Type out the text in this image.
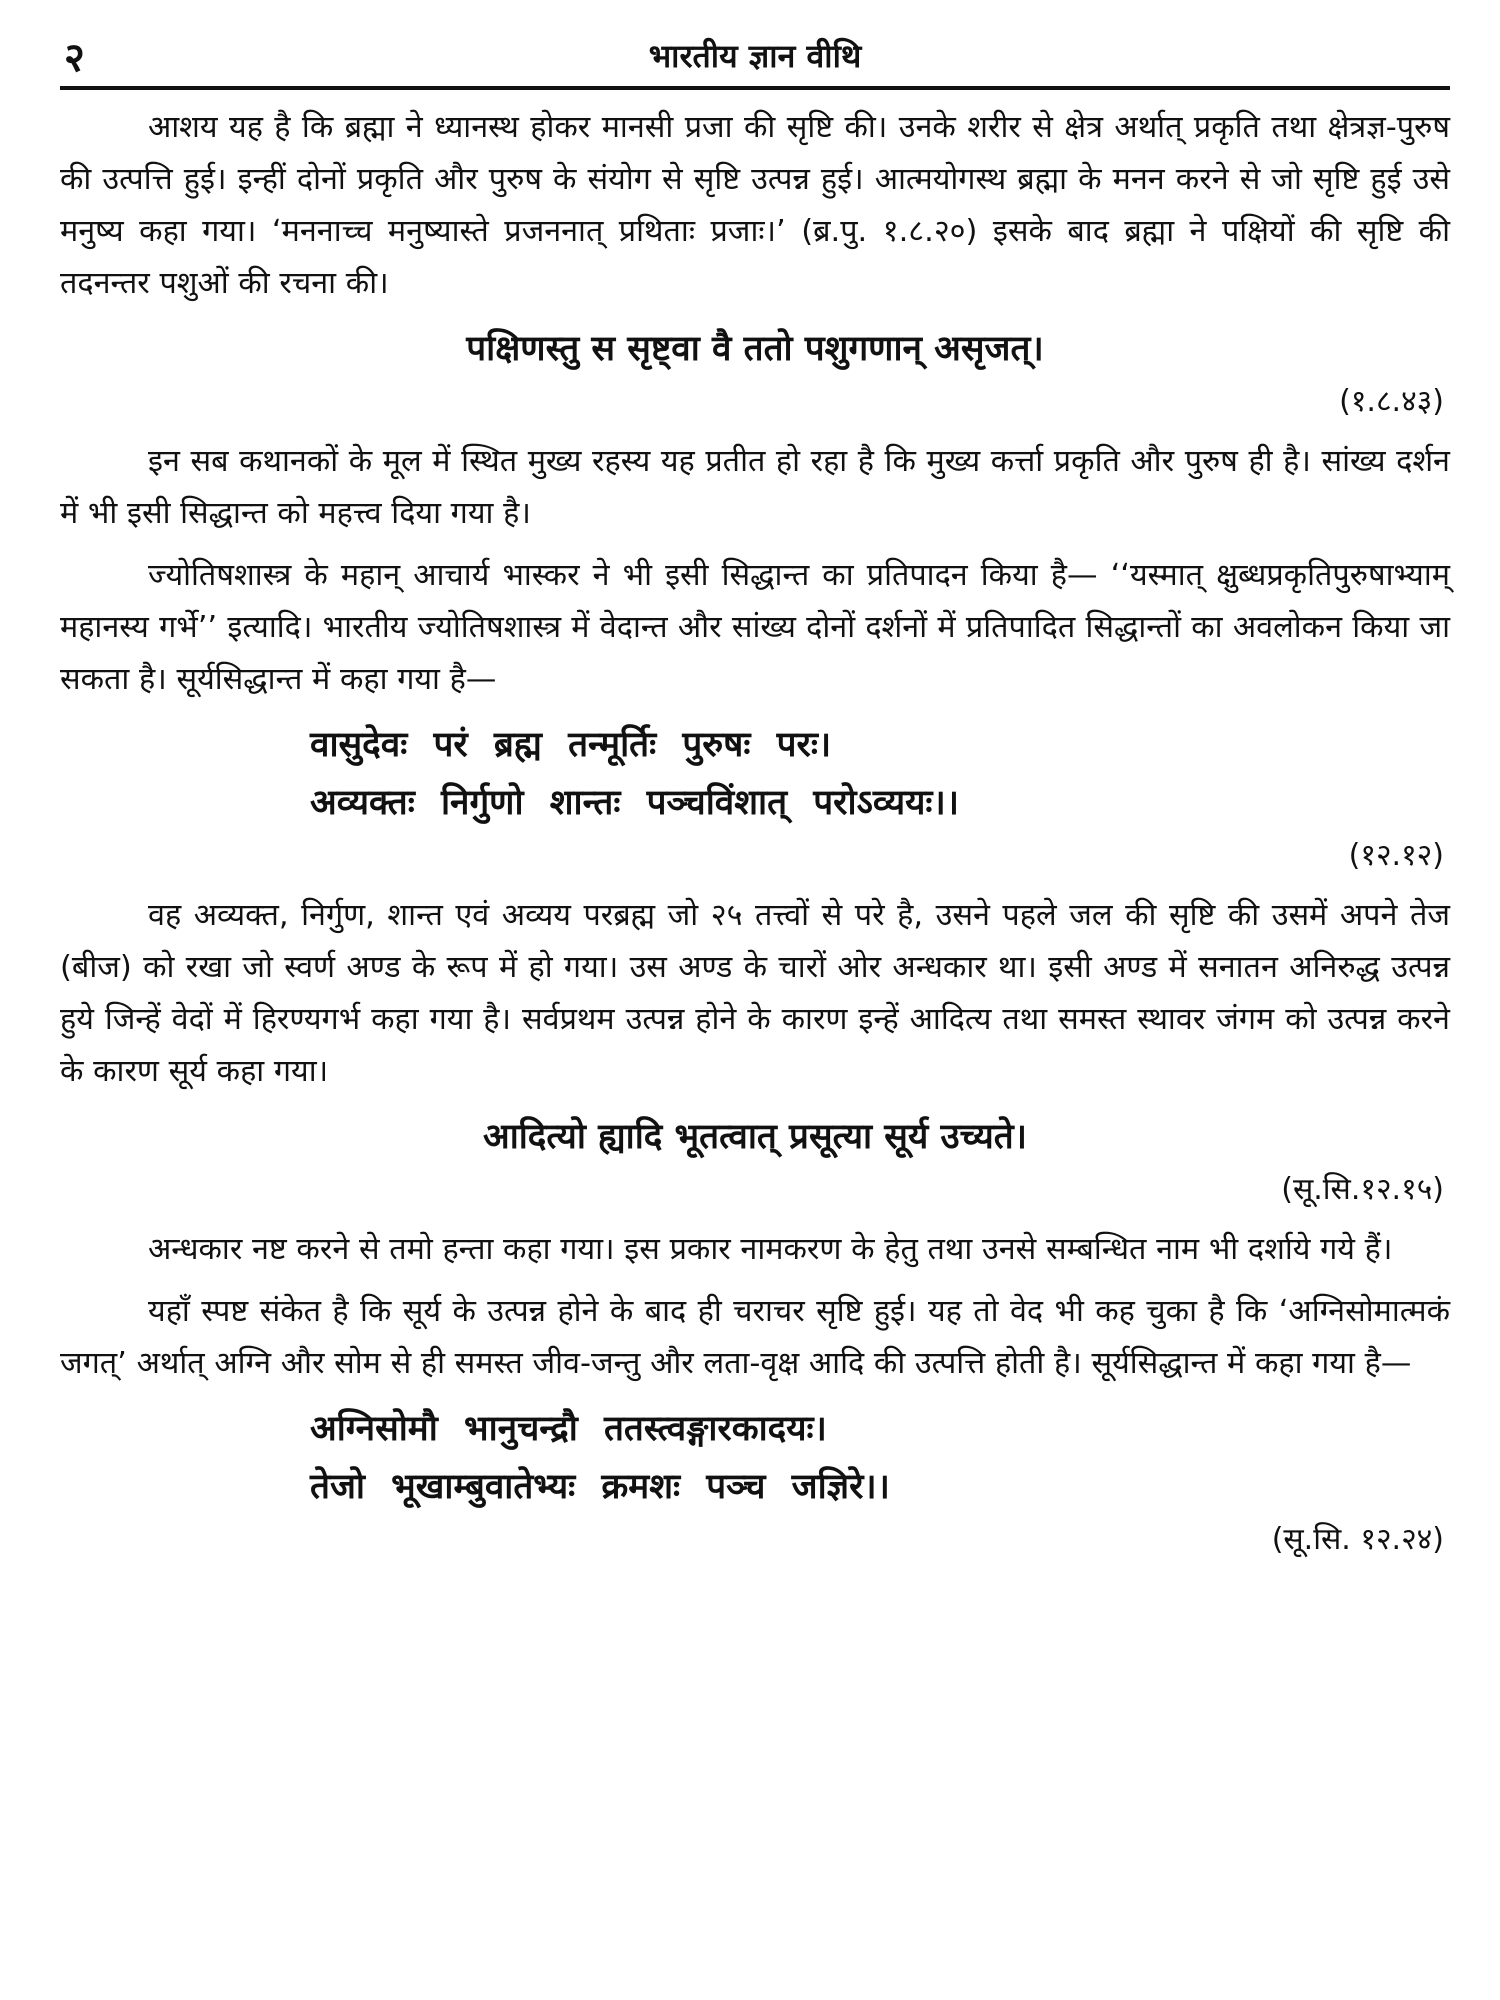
२	भारतीय ज्ञान वीथि

आशय यह है कि ब्रह्मा ने ध्यानस्थ होकर मानसी प्रजा की सृष्टि की। उनके शरीर से क्षेत्र अर्थात् प्रकृति तथा क्षेत्रज्ञ-पुरुष की उत्पत्ति हुई। इन्हीं दोनों प्रकृति और पुरुष के संयोग से सृष्टि उत्पन्न हुई। आत्मयोगस्थ ब्रह्मा के मनन करने से जो सृष्टि हुई उसे मनुष्य कहा गया। ‘मननाच्च मनुष्यास्ते प्रजननात् प्रथिताः प्रजाः।’ (ब्र.पु. १.८.२०) इसके बाद ब्रह्मा ने पक्षियों की सृष्टि की तदनन्तर पशुओं की रचना की।

पक्षिणस्तु स सृष्ट्वा वै ततो पशुगणान् असृजत्।
(१.८.४३)

इन सब कथानकों के मूल में स्थित मुख्य रहस्य यह प्रतीत हो रहा है कि मुख्य कर्त्ता प्रकृति और पुरुष ही है। सांख्य दर्शन में भी इसी सिद्धान्त को महत्त्व दिया गया है।

ज्योतिषशास्त्र के महान् आचार्य भास्कर ने भी इसी सिद्धान्त का प्रतिपादन किया है— ‘‘यस्मात् क्षुब्धप्रकृतिपुरुषाभ्याम् महानस्य गर्भे’’ इत्यादि। भारतीय ज्योतिषशास्त्र में वेदान्त और सांख्य दोनों दर्शनों में प्रतिपादित सिद्धान्तों का अवलोकन किया जा सकता है। सूर्यसिद्धान्त में कहा गया है—

वासुदेवः परं ब्रह्म तन्मूर्तिः पुरुषः परः।
अव्यक्तः निर्गुणो शान्तः पञ्चविंशात् परोऽव्ययः।।
(१२.१२)

वह अव्यक्त, निर्गुण, शान्त एवं अव्यय परब्रह्म जो २५ तत्त्वों से परे है, उसने पहले जल की सृष्टि की उसमें अपने तेज (बीज) को रखा जो स्वर्ण अण्ड के रूप में हो गया। उस अण्ड के चारों ओर अन्धकार था। इसी अण्ड में सनातन अनिरुद्ध उत्पन्न हुये जिन्हें वेदों में हिरण्यगर्भ कहा गया है। सर्वप्रथम उत्पन्न होने के कारण इन्हें आदित्य तथा समस्त स्थावर जंगम को उत्पन्न करने के कारण सूर्य कहा गया।

आदित्यो ह्यादि भूतत्वात् प्रसूत्या सूर्य उच्यते।
(सू.सि.१२.१५)

अन्धकार नष्ट करने से तमो हन्ता कहा गया। इस प्रकार नामकरण के हेतु तथा उनसे सम्बन्धित नाम भी दर्शाये गये हैं।

यहाँ स्पष्ट संकेत है कि सूर्य के उत्पन्न होने के बाद ही चराचर सृष्टि हुई। यह तो वेद भी कह चुका है कि ‘अग्निसोमात्मकं जगत्’ अर्थात् अग्नि और सोम से ही समस्त जीव-जन्तु और लता-वृक्ष आदि की उत्पत्ति होती है। सूर्यसिद्धान्त में कहा गया है—

अग्निसोमौ भानुचन्द्रौ ततस्त्वङ्गारकादयः।
तेजो भूखाम्बुवातेभ्यः क्रमशः पञ्च जज्ञिरे।।
(सू.सि. १२.२४)
